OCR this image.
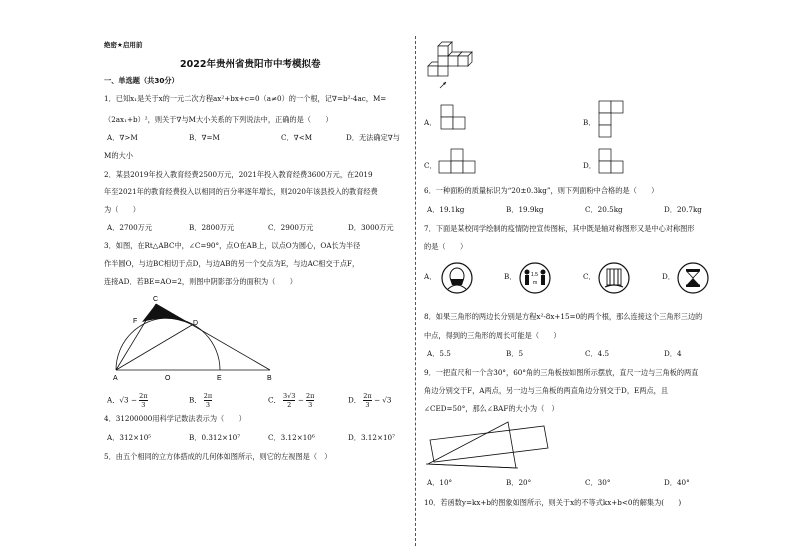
绝密★启用前
2022年贵州省贵阳市中考模拟卷
一、单选题（共30分）
1．已知x₁是关于x的一元二次方程ax²+bx+c=0（a≠0）的一个根，记∇=b²-4ac，M=
（2ax₁+b）²，则关于∇与M大小关系的下列说法中，正确的是（　　）
A．∇>M	B．∇=M	C．∇<M	D．无法确定∇与
M的大小
2．某县2019年投入教育经费2500万元，2021年投入教育经费3600万元，在2019
年至2021年的教育经费投入以相同的百分率逐年增长，则2020年该县投入的教育经费
为（　　）
A．2700万元	B．2800万元	C．2900万元	D．3000万元
3．如图，在Rt△ABC中，∠C=90°，点O在AB上，以点O为圆心，OA长为半径
作半圆O，与边BC相切于点D，与边AB的另一个交点为E，与边AC相交于点F，
连接AD．若BE=AO=2，则图中阴影部分的面积为（　　）
C
F	D
A	O	E	B
A．$√3 - \frac{2\pi}{3}$	B． $\frac{2\pi}{3}$	C． $\frac{3√3}{2} - \frac{2\pi}{3}$	D． $\frac{2\pi}{3} - √3$
4．31200000用科学记数法表示为（　　）
A．312×10⁵	B．0.312×10⁷	C．3.12×10⁶	D．3.12×10⁷
5．由五个相同的立方体搭成的几何体如图所示，则它的左视图是（　）
A．	B．
C．	D．
6．一种面粉的质量标识为“20±0.3kg”，则下列面粉中合格的是（　　）
A．19.1kg	B．19.9kg	C．20.5kg	D．20.7kg
7．下面是某校同学绘制的疫情防控宣传图标，其中既是轴对称图形又是中心对称图形
的是（　　）
A．	B．	1.5
m
C．	D．
8．如果三角形的两边长分别是方程x²-8x+15=0的两个根，那么连接这个三角形三边的
中点，得到的三角形的周长可能是（　　）
A．5.5	B．5	C．4.5	D．4
9．一把直尺和一个含30°，60°角的三角板按如图所示摆放，直尺一边与三角板的两直
角边分别交于F，A两点，另一边与三角板的两直角边分别交于D，E两点，且
∠CED=50°，那么∠BAF的大小为（　）
A．10°	B．20°	C．30°	D．40°
10．若函数y=kx+b的图象如图所示，则关于x的不等式kx+b<0的解集为(　　)
